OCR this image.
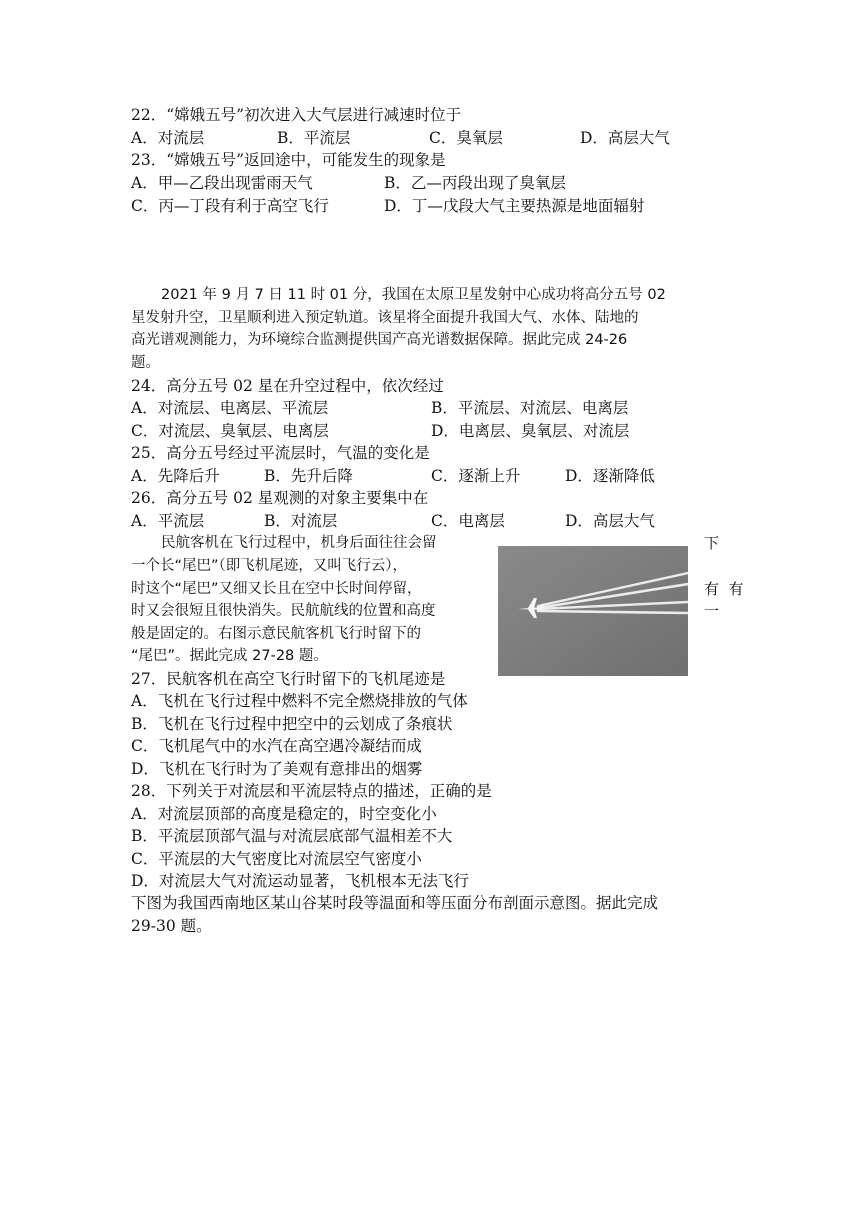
22．“嫦娥五号”初次进入大气层进行减速时位于

A．对流层	B．平流层	C．臭氧层	D．高层大气

23．“嫦娥五号”返回途中，可能发生的现象是

A．甲—乙段出现雷雨天气	B．乙—丙段出现了臭氧层
C．丙—丁段有利于高空飞行	D．丁—戊段大气主要热源是地面辐射

2021 年 9 月 7 日 11 时 01 分，我国在太原卫星发射中心成功将高分五号 02

星发射升空，卫星顺利进入预定轨道。该星将全面提升我国大气、水体、陆地的

高光谱观测能力，为环境综合监测提供国产高光谱数据保障。据此完成 24-26

题。

24．高分五号 02 星在升空过程中，依次经过

A．对流层、电离层、平流层	B．平流层、对流层、电离层
C．对流层、臭氧层、电离层	D．电离层、臭氧层、对流层

25．高分五号经过平流层时，气温的变化是

A．先降后升	B．先升后降	C．逐渐上升	D．逐渐降低

26．高分五号 02 星观测的对象主要集中在

A．平流层	B．对流层	C．电离层	D．高层大气

民航客机在飞行过程中，机身后面往往会留

一个长“尾巴”（即飞机尾迹，又叫飞行云），

时这个“尾巴”又细又长且在空中长时间停留，

时又会很短且很快消失。民航航线的位置和高度

般是固定的。右图示意民航客机飞行时留下的

“尾巴”。据此完成 27-28 题。

下
有  有
一

27．民航客机在高空飞行时留下的飞机尾迹是

A．飞机在飞行过程中燃料不完全燃烧排放的气体

B．飞机在飞行过程中把空中的云划成了条痕状

C．飞机尾气中的水汽在高空遇冷凝结而成

D．飞机在飞行时为了美观有意排出的烟雾

28．下列关于对流层和平流层特点的描述，正确的是

A．对流层顶部的高度是稳定的，时空变化小

B．平流层顶部气温与对流层底部气温相差不大

C．平流层的大气密度比对流层空气密度小

D．对流层大气对流运动显著，飞机根本无法飞行

下图为我国西南地区某山谷某时段等温面和等压面分布剖面示意图。据此完成

29-30 题。
